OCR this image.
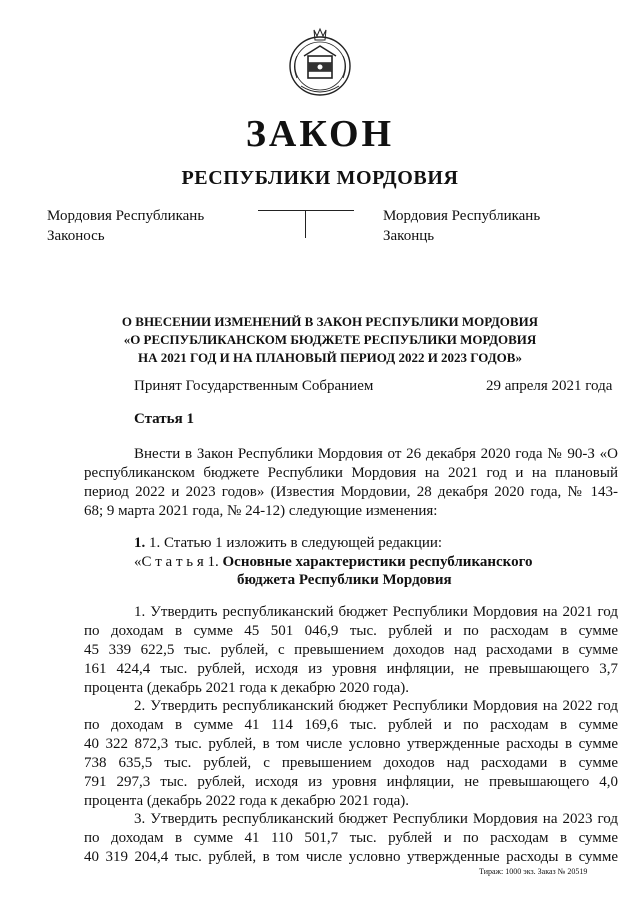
ЗАКОН
РЕСПУБЛИКИ МОРДОВИЯ
Мордовия Республикань
Законось
Мордовия Республикань
Законць
О ВНЕСЕНИИ ИЗМЕНЕНИЙ В ЗАКОН РЕСПУБЛИКИ МОРДОВИЯ
«О РЕСПУБЛИКАНСКОМ БЮДЖЕТЕ РЕСПУБЛИКИ МОРДОВИЯ
НА 2021 ГОД И НА ПЛАНОВЫЙ ПЕРИОД 2022 И 2023 ГОДОВ»
Принят Государственным Собранием	29 апреля 2021 года
Статья 1
Внести в Закон Республики Мордовия от 26 декабря 2020 года № 90-З «О
республиканском бюджете Республики Мордовия на 2021 год и на плановый
период 2022 и 2023 годов» (Известия Мордовии, 28 декабря 2020 года, № 143-
68; 9 марта 2021 года, № 24-12) следующие изменения:
1. 1. Статью 1 изложить в следующей редакции:
«С т а т ь я 1. Основные характеристики республиканского
бюджета Республики Мордовия
1. Утвердить республиканский бюджет Республики Мордовия на 2021 год
по доходам в сумме 45 501 046,9 тыс. рублей и по расходам в сумме
45 339 622,5 тыс. рублей, с превышением доходов над расходами в сумме
161 424,4 тыс. рублей, исходя из уровня инфляции, не превышающего 3,7
процента (декабрь 2021 года к декабрю 2020 года).
2. Утвердить республиканский бюджет Республики Мордовия на 2022 год
по доходам в сумме 41 114 169,6 тыс. рублей и по расходам в сумме
40 322 872,3 тыс. рублей, в том числе условно утвержденные расходы в сумме
738 635,5 тыс. рублей, с превышением доходов над расходами в сумме
791 297,3 тыс. рублей, исходя из уровня инфляции, не превышающего 4,0
процента (декабрь 2022 года к декабрю 2021 года).
3. Утвердить республиканский бюджет Республики Мордовия на 2023 год
по доходам в сумме 41 110 501,7 тыс. рублей и по расходам в сумме
40 319 204,4 тыс. рублей, в том числе условно утвержденные расходы в сумме
Тираж: 1000 экз. Заказ № 20519
